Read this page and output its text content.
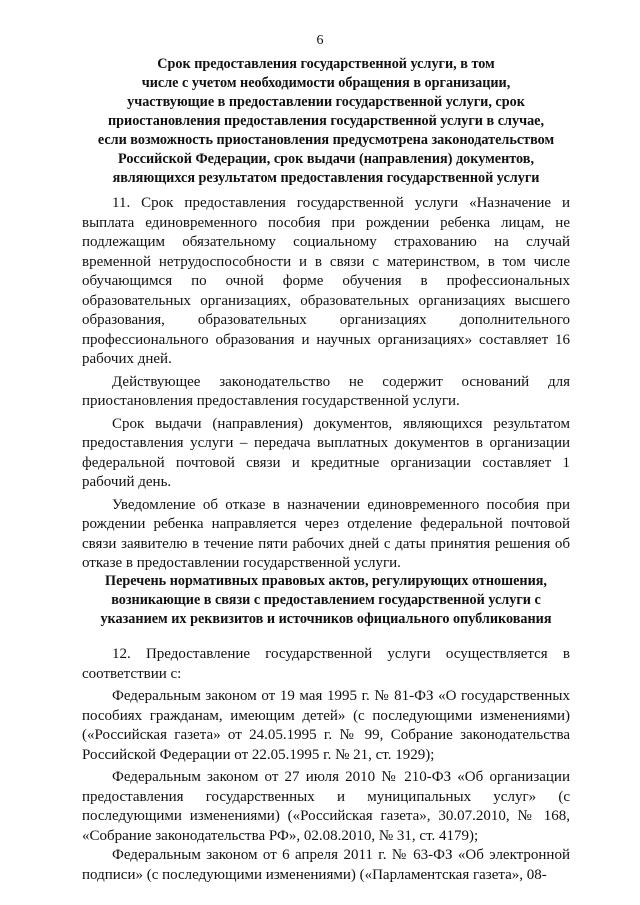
6
Срок предоставления государственной услуги, в том
числе с учетом необходимости обращения в организации,
участвующие в предоставлении государственной услуги, срок
приостановления предоставления государственной услуги в случае,
если возможность приостановления предусмотрена законодательством
Российской Федерации, срок выдачи (направления) документов,
являющихся результатом предоставления государственной услуги

11. Срок предоставления государственной услуги «Назначение и выплата единовременного пособия при рождении ребенка лицам, не подлежащим обязательному социальному страхованию на случай временной нетрудоспособности и в связи с материнством, в том числе обучающимся по очной форме обучения в профессиональных образовательных организациях, образовательных организациях высшего образования, образовательных организациях дополнительного профессионального образования и научных организациях» составляет 16 рабочих дней.

Действующее законодательство не содержит оснований для приостановления предоставления государственной услуги.

Срок выдачи (направления) документов, являющихся результатом предоставления услуги – передача выплатных документов в организации федеральной почтовой связи и кредитные организации составляет 1 рабочий день.

Уведомление об отказе в назначении единовременного пособия при рождении ребенка направляется через отделение федеральной почтовой связи заявителю в течение пяти рабочих дней с даты принятия решения об отказе в предоставлении государственной услуги.

Перечень нормативных правовых актов, регулирующих отношения,
возникающие в связи с предоставлением государственной услуги с
указанием их реквизитов и источников официального опубликования

12. Предоставление государственной услуги осуществляется в соответствии с:

Федеральным законом от 19 мая 1995 г. № 81-ФЗ «О государственных пособиях гражданам, имеющим детей» (с последующими изменениями) («Российская газета» от 24.05.1995 г. № 99, Собрание законодательства Российской Федерации от 22.05.1995 г. № 21, ст. 1929);

Федеральным законом от 27 июля 2010 № 210-ФЗ «Об организации предоставления государственных и муниципальных услуг» (с последующими изменениями) («Российская газета», 30.07.2010, № 168, «Собрание законодательства РФ», 02.08.2010, № 31, ст. 4179);

Федеральным законом от 6 апреля 2011 г. № 63-ФЗ «Об электронной подписи» (с последующими изменениями) («Парламентская газета», 08-
